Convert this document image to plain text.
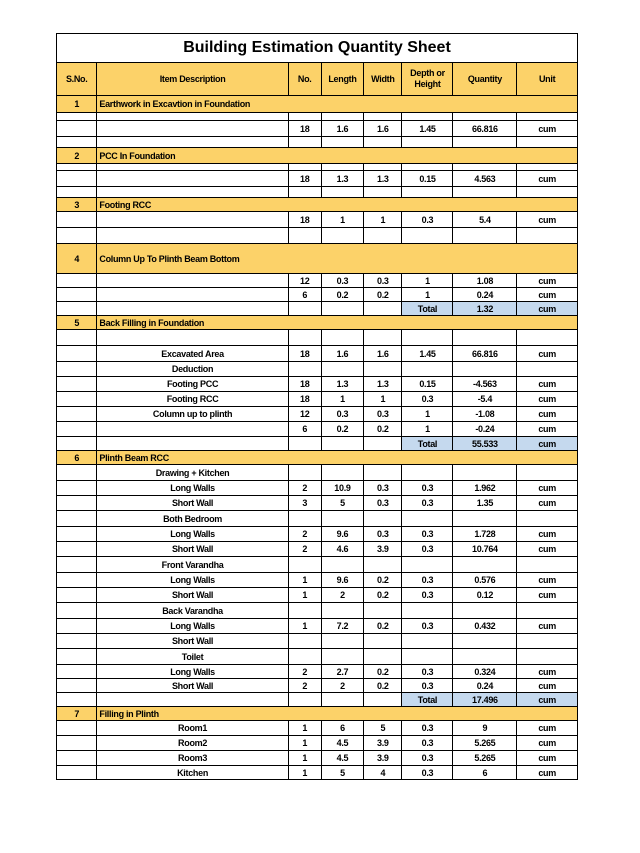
Building Estimation Quantity Sheet							
S.No.	Item Description	No.	Length	Width	Depth or Height	Quantity	Unit
1	Earthwork in Excavtion in Foundation						

		18	1.6	1.6	1.45	66.816	cum

2	PCC In Foundation						

		18	1.3	1.3	0.15	4.563	cum

3	Footing RCC						
		18	1	1	0.3	5.4	cum

4	Column Up To Plinth Beam Bottom						
		12	0.3	0.3	1	1.08	cum
		6	0.2	0.2	1	0.24	cum
					Total	1.32	cum
5	Back Filling in Foundation						

	Excavated Area	18	1.6	1.6	1.45	66.816	cum
	Deduction						
	Footing PCC	18	1.3	1.3	0.15	-4.563	cum
	Footing RCC	18	1	1	0.3	-5.4	cum
	Column up to plinth	12	0.3	0.3	1	-1.08	cum
		6	0.2	0.2	1	-0.24	cum
					Total	55.533	cum
6	Plinth Beam RCC						
	Drawing + Kitchen						
	Long Walls	2	10.9	0.3	0.3	1.962	cum
	Short Wall	3	5	0.3	0.3	1.35	cum
	Both Bedroom						
	Long Walls	2	9.6	0.3	0.3	1.728	cum
	Short Wall	2	4.6	3.9	0.3	10.764	cum
	Front Varandha						
	Long Walls	1	9.6	0.2	0.3	0.576	cum
	Short Wall	1	2	0.2	0.3	0.12	cum
	Back Varandha						
	Long Walls	1	7.2	0.2	0.3	0.432	cum
	Short Wall						
	Toilet						
	Long Walls	2	2.7	0.2	0.3	0.324	cum
	Short Wall	2	2	0.2	0.3	0.24	cum
					Total	17.496	cum
7	Filling in Plinth						
	Room1	1	6	5	0.3	9	cum
	Room2	1	4.5	3.9	0.3	5.265	cum
	Room3	1	4.5	3.9	0.3	5.265	cum
	Kitchen	1	5	4	0.3	6	cum
